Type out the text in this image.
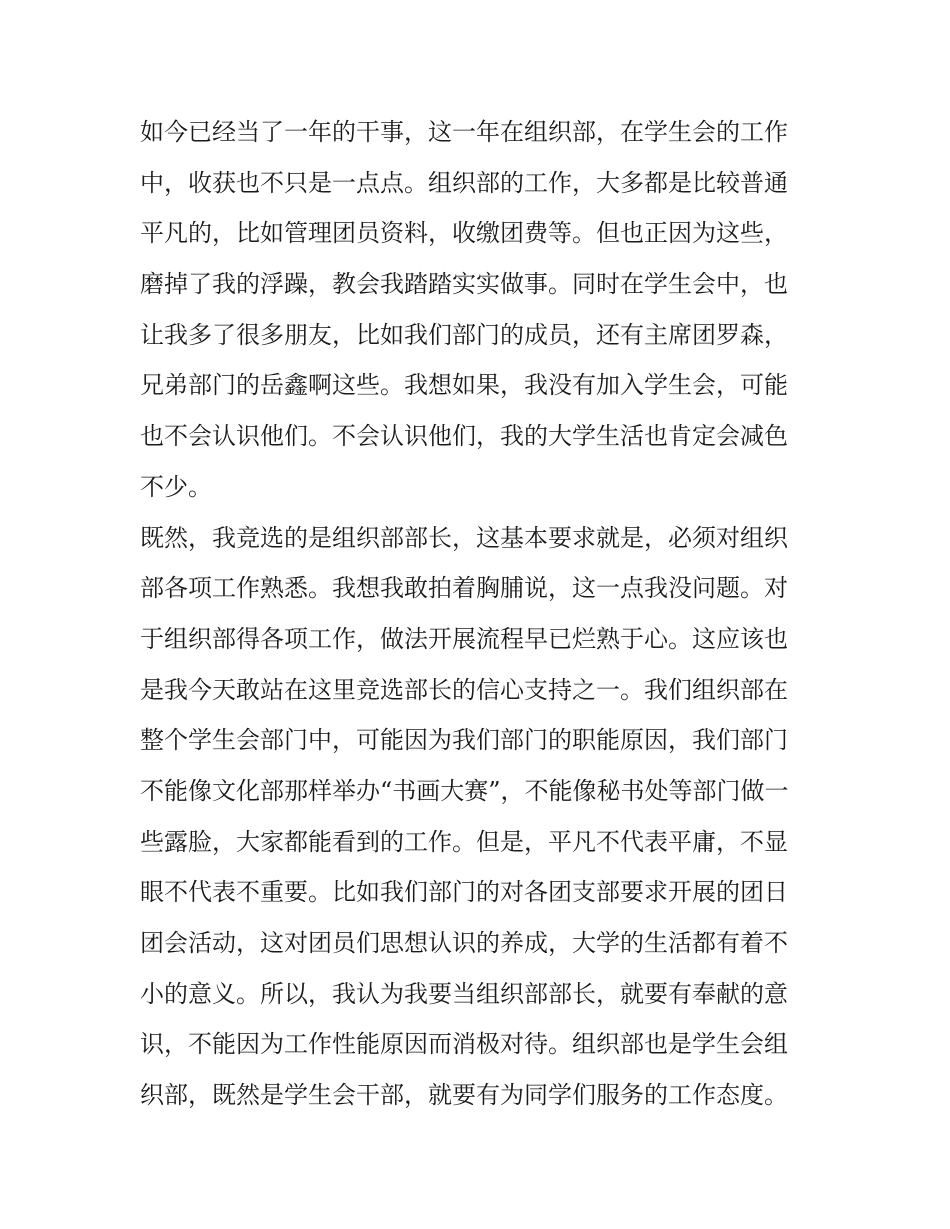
如今已经当了一年的干事，这一年在组织部，在学生会的工作
中，收获也不只是一点点。组织部的工作，大多都是比较普通
平凡的，比如管理团员资料，收缴团费等。但也正因为这些，
磨掉了我的浮躁，教会我踏踏实实做事。同时在学生会中，也
让我多了很多朋友，比如我们部门的成员，还有主席团罗森，
兄弟部门的岳鑫啊这些。我想如果，我没有加入学生会，可能
也不会认识他们。不会认识他们，我的大学生活也肯定会减色
不少。
既然，我竞选的是组织部部长，这基本要求就是，必须对组织
部各项工作熟悉。我想我敢拍着胸脯说，这一点我没问题。对
于组织部得各项工作，做法开展流程早已烂熟于心。这应该也
是我今天敢站在这里竞选部长的信心支持之一。我们组织部在
整个学生会部门中，可能因为我们部门的职能原因，我们部门
不能像文化部那样举办“书画大赛”，不能像秘书处等部门做一
些露脸，大家都能看到的工作。但是，平凡不代表平庸，不显
眼不代表不重要。比如我们部门的对各团支部要求开展的团日
团会活动，这对团员们思想认识的养成，大学的生活都有着不
小的意义。所以，我认为我要当组织部部长，就要有奉献的意
识，不能因为工作性能原因而消极对待。组织部也是学生会组
织部，既然是学生会干部，就要有为同学们服务的工作态度。
